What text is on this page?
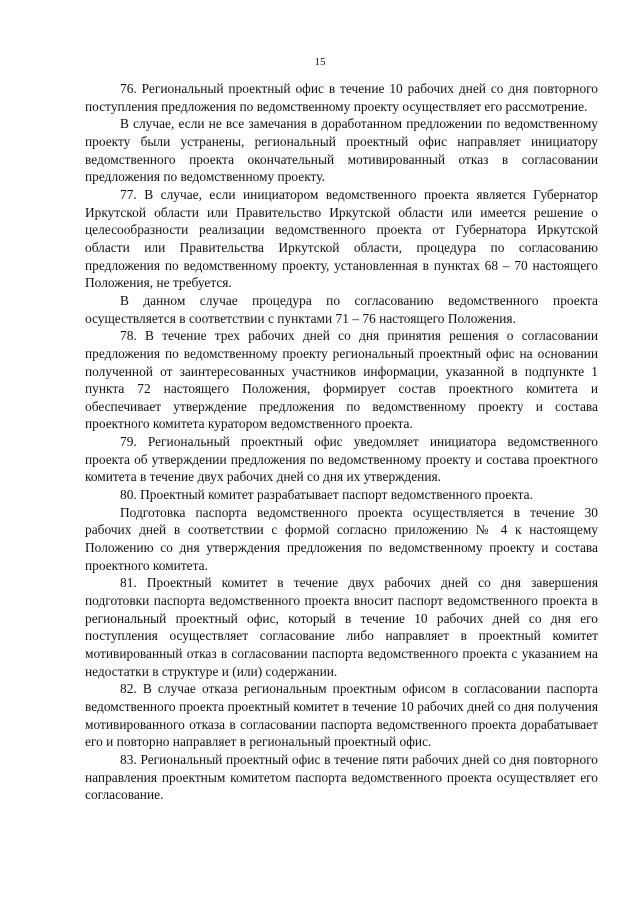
15

76. Региональный проектный офис в течение 10 рабочих дней со дня повторного поступления предложения по ведомственному проекту осуществляет его рассмотрение.

В случае, если не все замечания в доработанном предложении по ведомственному проекту были устранены, региональный проектный офис направляет инициатору ведомственного проекта окончательный мотивированный отказ в согласовании предложения по ведомственному проекту.

77. В случае, если инициатором ведомственного проекта является Губернатор Иркутской области или Правительство Иркутской области или имеется решение о целесообразности реализации ведомственного проекта от Губернатора Иркутской области или Правительства Иркутской области, процедура по согласованию предложения по ведомственному проекту, установленная в пунктах 68 – 70 настоящего Положения, не требуется.

В данном случае процедура по согласованию ведомственного проекта осуществляется в соответствии с пунктами 71 – 76 настоящего Положения.

78. В течение трех рабочих дней со дня принятия решения о согласовании предложения по ведомственному проекту региональный проектный офис на основании полученной от заинтересованных участников информации, указанной в подпункте 1 пункта 72 настоящего Положения, формирует состав проектного комитета и обеспечивает утверждение предложения по ведомственному проекту и состава проектного комитета куратором ведомственного проекта.

79. Региональный проектный офис уведомляет инициатора ведомственного проекта об утверждении предложения по ведомственному проекту и состава проектного комитета в течение двух рабочих дней со дня их утверждения.

80. Проектный комитет разрабатывает паспорт ведомственного проекта.

Подготовка паспорта ведомственного проекта осуществляется в течение 30 рабочих дней в соответствии с формой согласно приложению № 4 к настоящему Положению со дня утверждения предложения по ведомственному проекту и состава проектного комитета.

81. Проектный комитет в течение двух рабочих дней со дня завершения подготовки паспорта ведомственного проекта вносит паспорт ведомственного проекта в региональный проектный офис, который в течение 10 рабочих дней со дня его поступления осуществляет согласование либо направляет в проектный комитет мотивированный отказ в согласовании паспорта ведомственного проекта с указанием на недостатки в структуре и (или) содержании.

82. В случае отказа региональным проектным офисом в согласовании паспорта ведомственного проекта проектный комитет в течение 10 рабочих дней со дня получения мотивированного отказа в согласовании паспорта ведомственного проекта дорабатывает его и повторно направляет в региональный проектный офис.

83. Региональный проектный офис в течение пяти рабочих дней со дня повторного направления проектным комитетом паспорта ведомственного проекта осуществляет его согласование.
